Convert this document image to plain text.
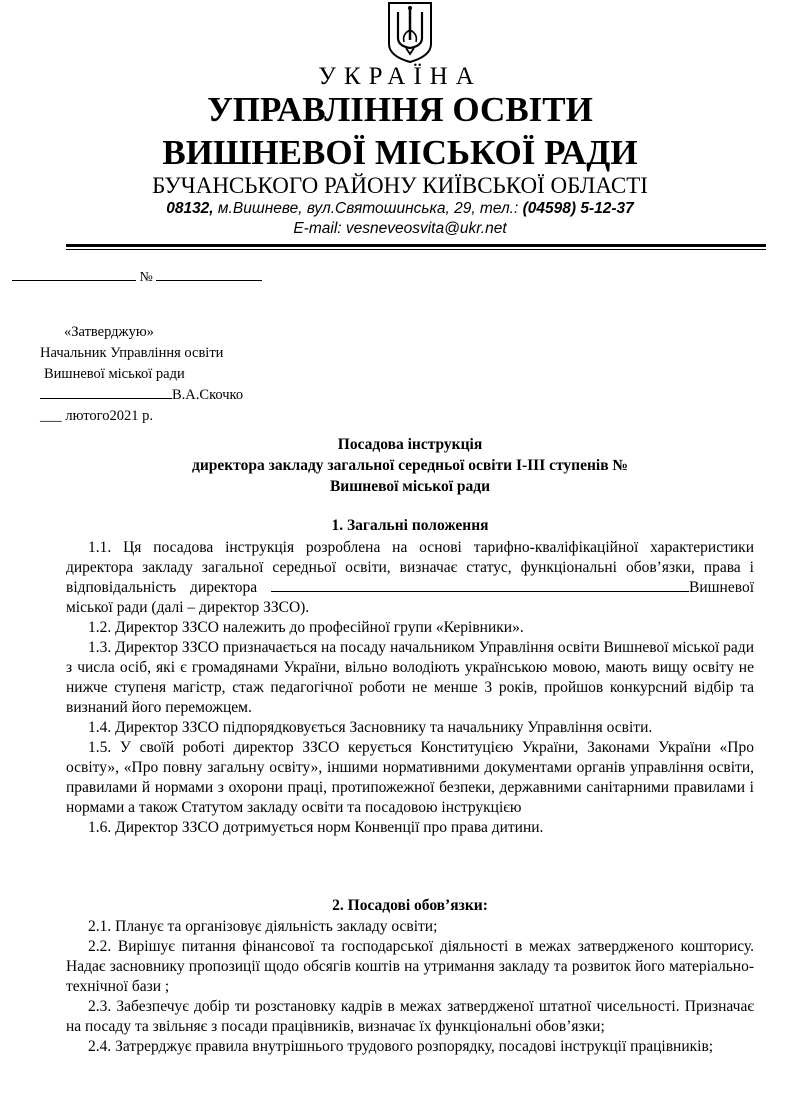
УКРАЇНА
УПРАВЛІННЯ ОСВІТИ
ВИШНЕВОЇ МІСЬКОЇ РАДИ
БУЧАНСЬКОГО РАЙОНУ КИЇВСЬКОЇ ОБЛАСТІ
08132, м.Вишневе, вул.Святошинська, 29, тел.: (04598) 5-12-37
E-mail: vesneveosvita@ukr.net
№
«Затверджую»
Начальник Управління освіти
Вишневої міської ради
В.А.Скочко
___ лютого2021 р.
Посадова інструкція
директора закладу загальної середньої освіти І-ІІІ ступенів №
Вишневої міської ради
1. Загальні положення

1.1. Ця посадова інструкція розроблена на основі тарифно-кваліфікаційної характеристики директора закладу загальної середньої освіти, визначає статус, функціональні обов’язки, права і відповідальність директора	Вишневої міської ради (далі – директор ЗЗСО).

1.2. Директор ЗЗСО належить до професійної групи «Керівники».

1.3. Директор ЗЗСО призначається на посаду начальником Управління освіти Вишневої міської ради з числа осіб, які є громадянами України, вільно володіють українською мовою, мають вищу освіту не нижче ступеня магістр, стаж педагогічної роботи не менше 3 років, пройшов конкурсний відбір та визнаний його переможцем.

1.4. Директор ЗЗСО підпорядковується Засновнику та начальнику Управління освіти.

1.5. У своїй роботі директор ЗЗСО керується Конституцією України, Законами України «Про освіту», «Про повну загальну освіту», іншими нормативними документами органів управління освіти, правилами й нормами з охорони праці, протипожежної безпеки, державними санітарними правилами і нормами а також Статутом закладу освіти та посадовою інструкцією

1.6. Директор ЗЗСО дотримується норм Конвенції про права дитини.

2. Посадові обов’язки:

2.1. Планує та організовує діяльність закладу освіти;

2.2. Вирішує питання фінансової та господарської діяльності в межах затвердженого кошторису. Надає засновнику пропозиції щодо обсягів коштів на утримання закладу та розвиток його матеріально-технічної бази ;

2.3. Забезпечує добір ти розстановку кадрів в межах затвердженої штатної чисельності. Призначає на посаду та звільняє з посади працівників, визначає їх функціональні обов’язки;

2.4. Затрерджує правила внутрішнього трудового розпорядку, посадові інструкції працівників;
